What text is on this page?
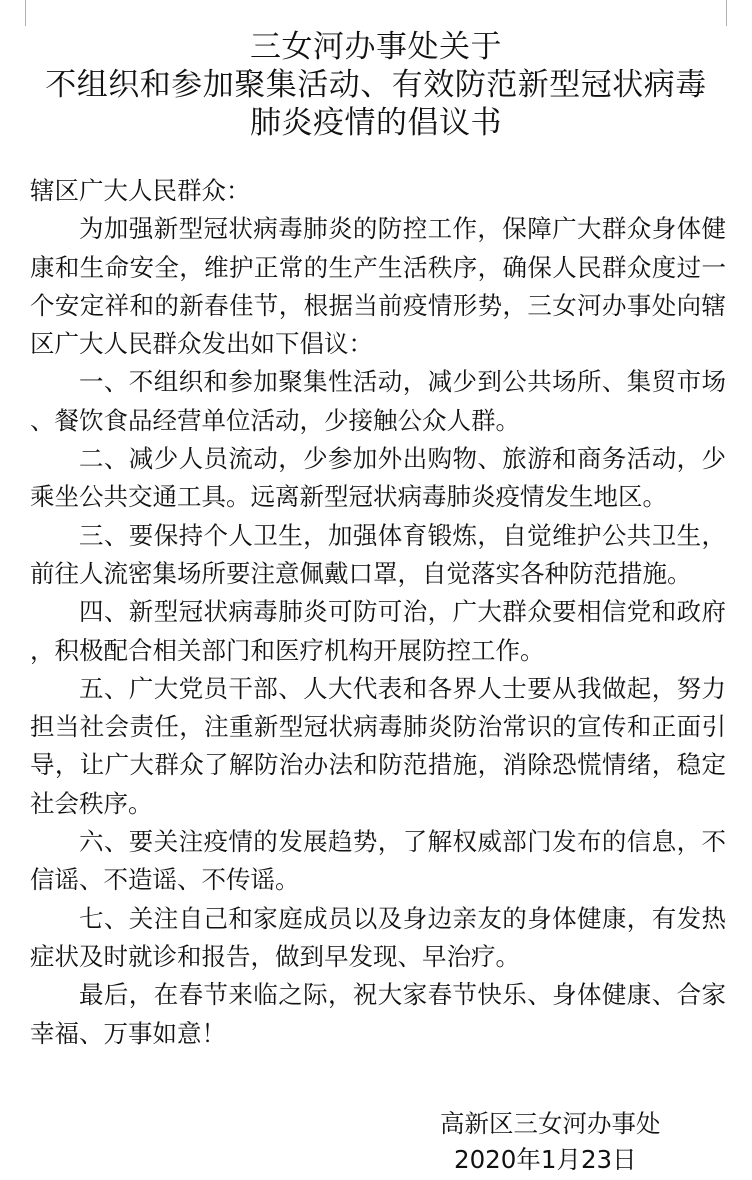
三女河办事处关于
不组织和参加聚集活动、有效防范新型冠状病毒
肺炎疫情的倡议书

辖区广大人民群众：

为加强新型冠状病毒肺炎的防控工作，保障广大群众身体健康和生命安全，维护正常的生产生活秩序，确保人民群众度过一个安定祥和的新春佳节，根据当前疫情形势，三女河办事处向辖区广大人民群众发出如下倡议：

一、不组织和参加聚集性活动，减少到公共场所、集贸市场、餐饮食品经营单位活动，少接触公众人群。

二、减少人员流动，少参加外出购物、旅游和商务活动，少乘坐公共交通工具。远离新型冠状病毒肺炎疫情发生地区。

三、要保持个人卫生，加强体育锻炼，自觉维护公共卫生，前往人流密集场所要注意佩戴口罩，自觉落实各种防范措施。

四、新型冠状病毒肺炎可防可治，广大群众要相信党和政府，积极配合相关部门和医疗机构开展防控工作。

五、广大党员干部、人大代表和各界人士要从我做起，努力担当社会责任，注重新型冠状病毒肺炎防治常识的宣传和正面引导，让广大群众了解防治办法和防范措施，消除恐慌情绪，稳定社会秩序。

六、要关注疫情的发展趋势，了解权威部门发布的信息，不信谣、不造谣、不传谣。

七、关注自己和家庭成员以及身边亲友的身体健康，有发热症状及时就诊和报告，做到早发现、早治疗。

最后，在春节来临之际，祝大家春节快乐、身体健康、合家幸福、万事如意！

高新区三女河办事处
2020年1月23日
